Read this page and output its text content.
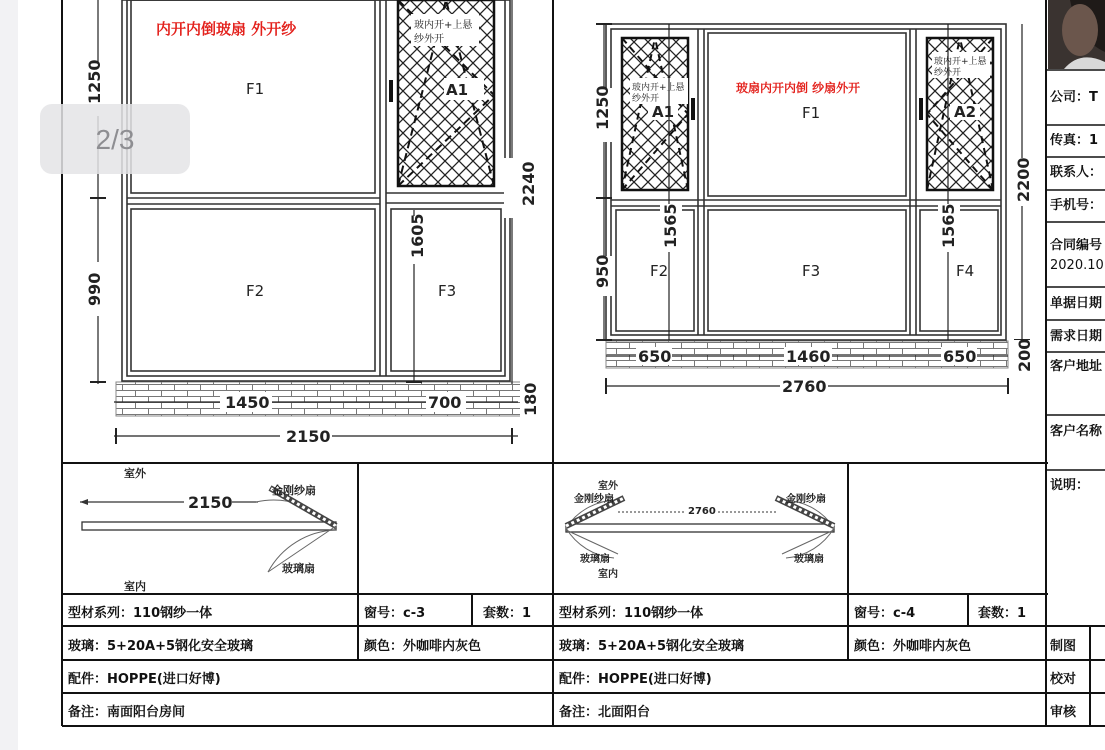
内开内倒玻扇 外开纱
F1
F2	F3
A1
玻内开+上悬
纱外开
1250
990
2240
1605
180
1450	700
2150
玻扇内开内倒 纱扇外开
F1
F2	F3	F4
A1	A2
玻内开+上悬
纱外开
玻内开+上悬
纱外开
1250
950
1565	1565
2200
200
650	1460	650
2760
室外
室内
2150
金刚纱扇
玻璃扇
室外
室内
2760
金刚纱扇	金刚纱扇
玻璃扇	玻璃扇
型材系列：110钢纱一体	窗号：c-3	套数：1
玻璃：5+20A+5钢化安全玻璃	颜色：外咖啡内灰色
配件：HOPPE(进口好博)
备注：南面阳台房间
型材系列：110钢纱一体	窗号：c-4	套数：1
玻璃：5+20A+5钢化安全玻璃	颜色：外咖啡内灰色
配件：HOPPE(进口好博)
备注：北面阳台
制图
校对
审核
公司：T
传真：1
联系人：
手机号：
合同编号
2020.10
单据日期
需求日期
客户地址
客户名称
说明：
2/3
